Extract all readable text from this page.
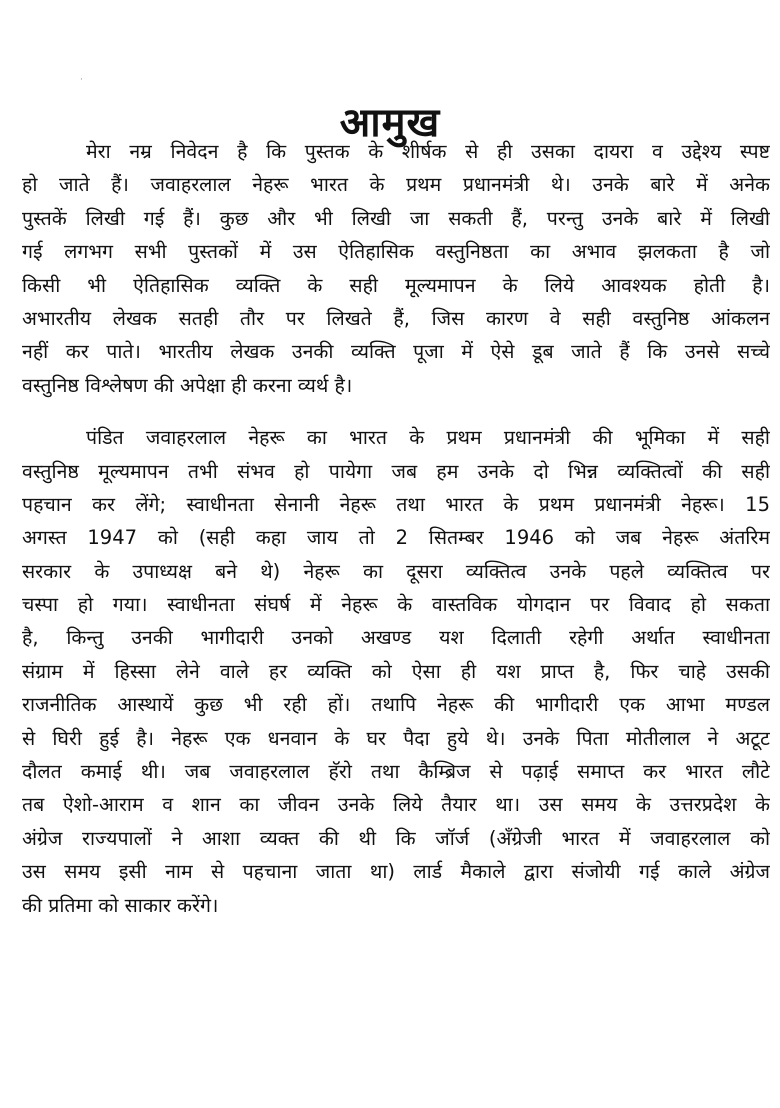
·
आमुख

मेरा नम्र निवेदन है कि पुस्तक के शीर्षक से ही उसका दायरा व उद्देश्य स्पष्ट
हो जाते हैं। जवाहरलाल नेहरू भारत के प्रथम प्रधानमंत्री थे। उनके बारे में अनेक
पुस्तकें लिखी गई हैं। कुछ और भी लिखी जा सकती हैं, परन्तु उनके बारे में लिखी
गई लगभग सभी पुस्तकों में उस ऐतिहासिक वस्तुनिष्ठता का अभाव झलकता है जो
किसी भी ऐतिहासिक व्यक्ति के सही मूल्यमापन के लिये आवश्यक होती है।
अभारतीय लेखक सतही तौर पर लिखते हैं, जिस कारण वे सही वस्तुनिष्ठ आंकलन
नहीं कर पाते। भारतीय लेखक उनकी व्यक्ति पूजा में ऐसे डूब जाते हैं कि उनसे सच्चे
वस्तुनिष्ठ विश्लेषण की अपेक्षा ही करना व्यर्थ है।

पंडित जवाहरलाल नेहरू का भारत के प्रथम प्रधानमंत्री की भूमिका में सही
वस्तुनिष्ठ मूल्यमापन तभी संभव हो पायेगा जब हम उनके दो भिन्न व्यक्तित्वों की सही
पहचान कर लेंगे; स्वाधीनता सेनानी नेहरू तथा भारत के प्रथम प्रधानमंत्री नेहरू। 15
अगस्त 1947 को (सही कहा जाय तो 2 सितम्बर 1946 को जब नेहरू अंतरिम
सरकार के उपाध्यक्ष बने थे) नेहरू का दूसरा व्यक्तित्व उनके पहले व्यक्तित्व पर
चस्पा हो गया। स्वाधीनता संघर्ष में नेहरू के वास्तविक योगदान पर विवाद हो सकता
है, किन्तु उनकी भागीदारी उनको अखण्ड यश दिलाती रहेगी अर्थात स्वाधीनता
संग्राम में हिस्सा लेने वाले हर व्यक्ति को ऐसा ही यश प्राप्त है, फिर चाहे उसकी
राजनीतिक आस्थायें कुछ भी रही हों। तथापि नेहरू की भागीदारी एक आभा मण्डल
से घिरी हुई है। नेहरू एक धनवान के घर पैदा हुये थे। उनके पिता मोतीलाल ने अटूट
दौलत कमाई थी। जब जवाहरलाल हॅरो तथा कैम्ब्रिज से पढ़ाई समाप्त कर भारत लौटे
तब ऐशो-आराम व शान का जीवन उनके लिये तैयार था। उस समय के उत्तरप्रदेश के
अंग्रेज राज्यपालों ने आशा व्यक्त की थी कि जॉर्ज (अँग्रेजी भारत में जवाहरलाल को
उस समय इसी नाम से पहचाना जाता था) लार्ड मैकाले द्वारा संजोयी गई काले अंग्रेज
की प्रतिमा को साकार करेंगे।
